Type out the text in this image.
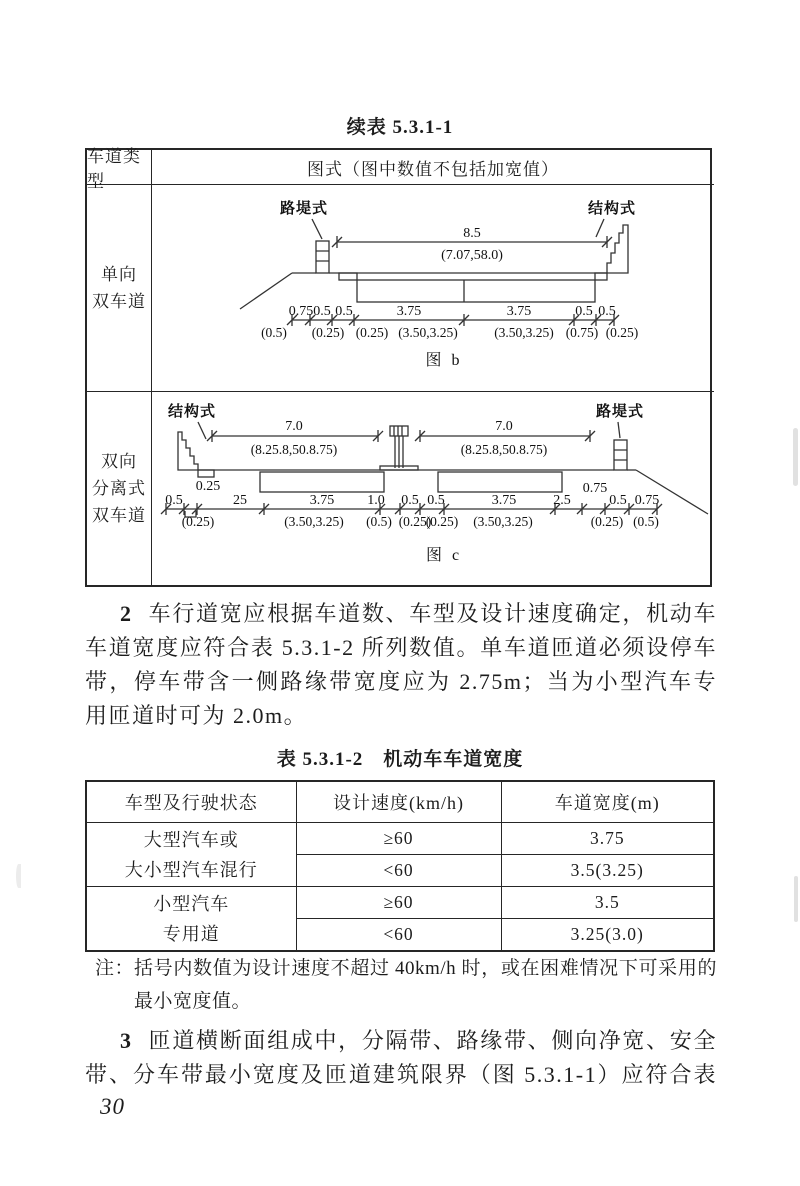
续表 5.3.1-1
车道类型
图式（图中数值不包括加宽值）
单向
双车道
路堤式	结构式
8.5
(7.07,58.0)
0.75 0.5 0.5	3.75	3.75	0.5 0.5
(0.5) (0.25) (0.25) (3.50,3.25)	(3.50,3.25) (0.75) (0.25)
图 b
双向
分离式
双车道
结构式	路堤式
7.0
(8.25.8,50.8.75)
7.0
(8.25.8,50.8.75)
0.5
0.25
25	3.75 1.0 0.5 0.5	3.75	2.5
0.75
0.5 0.75
(0.25)	(3.50,3.25) (0.5) (0.25)
(0.25) (3.50,3.25)	(0.25) (0.5)
图 c

2 车行道宽应根据车道数、车型及设计速度确定，机动车车道宽度应符合表 5.3.1-2 所列数值。单车道匝道必须设停车带，停车带含一侧路缘带宽度应为 2.75m；当为小型汽车专用匝道时可为 2.0m。

表 5.3.1-2　机动车车道宽度
车型及行驶状态	设计速度(km/h)	车道宽度(m)

大型汽车或
大小型汽车混行	≥60	3.75
	<60	3.5(3.25)

小型汽车
专用道	≥60	3.5
	<60	3.25(3.0)
注： 括号内数值为设计速度不超过 40km/h 时，或在困难情况下可采用的最小宽度值。

3 匝道横断面组成中，分隔带、路缘带、侧向净宽、安全带、分车带最小宽度及匝道建筑限界（图 5.3.1-1）应符合表

30
